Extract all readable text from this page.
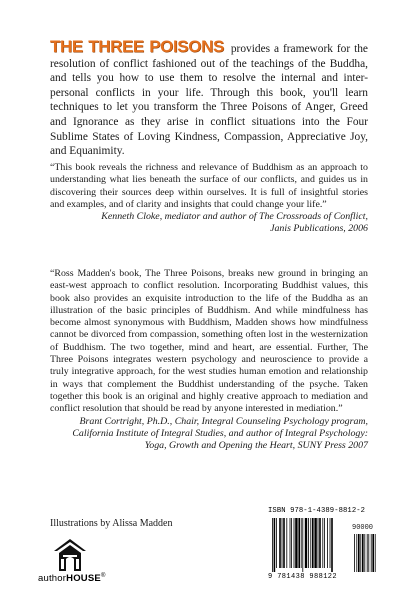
THE THREE POISONS provides a framework for the resolution of conflict fashioned out of the teachings of the Buddha, and tells you how to use them to resolve the internal and inter-personal conflicts in your life. Through this book, you'll learn techniques to let you transform the Three Poisons of Anger, Greed and Ignorance as they arise in conflict situations into the Four Sublime States of Loving Kindness, Compassion, Appreciative Joy, and Equanimity.
“This book reveals the richness and relevance of Buddhism as an approach to understanding what lies beneath the surface of our conflicts, and guides us in discovering their sources deep within ourselves. It is full of insightful stories and examples, and of clarity and insights that could change your life.”
Kenneth Cloke, mediator and author of The Crossroads of Conflict,
Janis Publications, 2006
“Ross Madden's book, The Three Poisons, breaks new ground in bringing an east-west approach to conflict resolution. Incorporating Buddhist values, this book also provides an exquisite introduction to the life of the Buddha as an illustration of the basic principles of Buddhism. And while mindfulness has become almost synonymous with Buddhism, Madden shows how mindfulness cannot be divorced from compassion, something often lost in the westernization of Buddhism. The two together, mind and heart, are essential. Further, The Three Poisons integrates western psychology and neuroscience to provide a truly integrative approach, for the west studies human emotion and relationship in ways that complement the Buddhist understanding of the psyche. Taken together this book is an original and highly creative approach to mediation and conflict resolution that should be read by anyone interested in mediation.”
Brant Cortright, Ph.D., Chair, Integral Counseling Psychology program,
California Institute of Integral Studies, and author of Integral Psychology:
Yoga, Growth and Opening the Heart, SUNY Press 2007
Illustrations by Alissa Madden
authorHOUSE®
ISBN 978-1-4389-8812-2
90000
9 781438 988122
